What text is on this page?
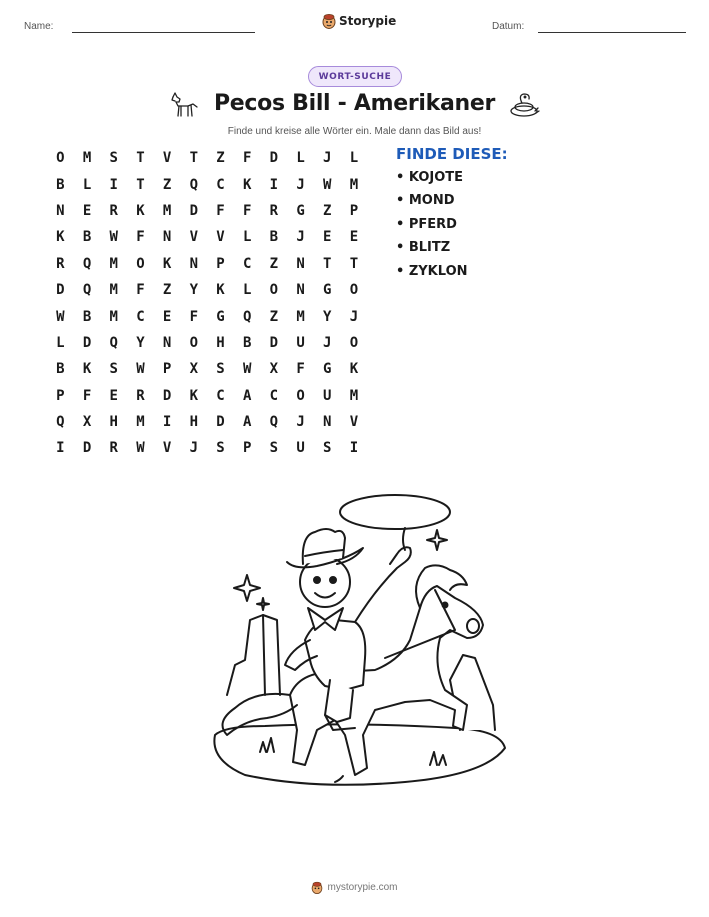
Name:	Storypie	Datum:
WORT-SUCHE
Pecos Bill - Amerikaner
Finde und kreise alle Wörter ein. Male dann das Bild aus!
O	M	S	T	V	T	Z	F	D	L	J	L
B	L	I	T	Z	Q	C	K	I	J	W	M
N	E	R	K	M	D	F	F	R	G	Z	P
K	B	W	F	N	V	V	L	B	J	E	E
R	Q	M	O	K	N	P	C	Z	N	T	T
D	Q	M	F	Z	Y	K	L	O	N	G	O
W	B	M	C	E	F	G	Q	Z	M	Y	J
L	D	Q	Y	N	O	H	B	D	U	J	O
B	K	S	W	P	X	S	W	X	F	G	K
P	F	E	R	D	K	C	A	C	O	U	M
Q	X	H	M	I	H	D	A	Q	J	N	V
I	D	R	W	V	J	S	P	S	U	S	I
FINDE DIESE:
• KOJOTE
• MOND
• PFERD
• BLITZ
• ZYKLON
mystorypie.com
